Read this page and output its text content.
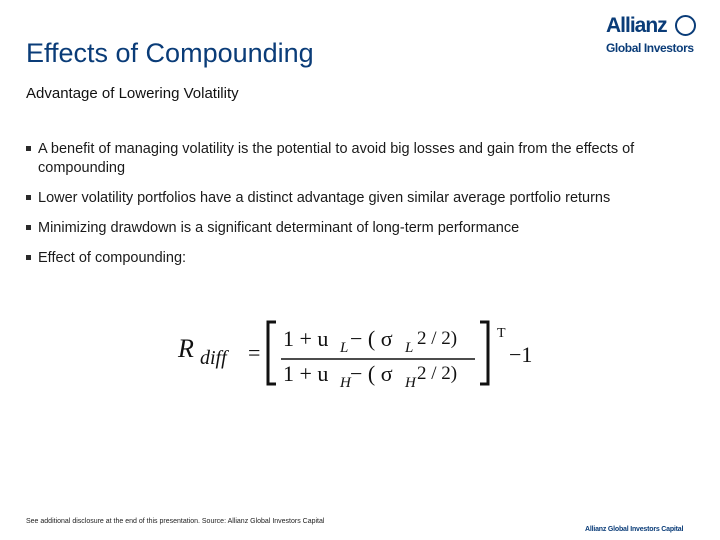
Effects of Compounding
Allianz
Global Investors
Advantage of Lowering Volatility
A benefit of managing volatility is the potential to avoid big losses and gain from the effects of compounding
Lower volatility portfolios have a distinct advantage given similar average portfolio returns
Minimizing drawdown is a significant determinant of long-term performance
Effect of compounding:
R diff =
1 + u L − ( σ L 2 / 2)
1 + u H − ( σ H 2 / 2)
T
−1
See additional disclosure at the end of this presentation. Source: Allianz Global Investors Capital
Allianz Global Investors Capital
